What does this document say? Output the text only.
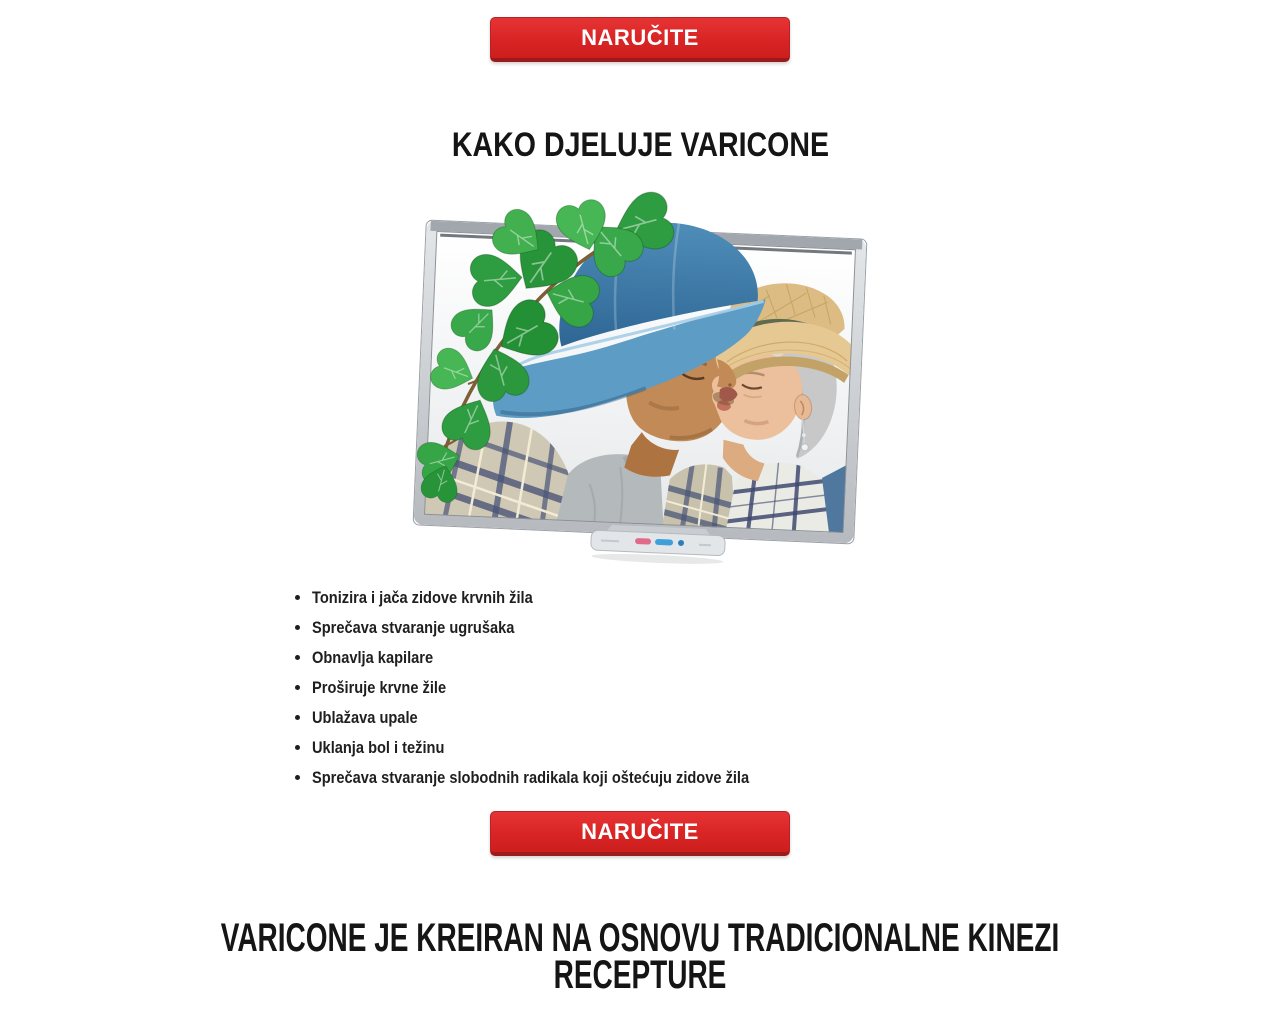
NARUČITE
KAKO DJELUJE VARICONE
• Tonizira i jača zidove krvnih žila
• Sprečava stvaranje ugrušaka
• Obnavlja kapilare
• Proširuje krvne žile
• Ublažava upale
• Uklanja bol i težinu
• Sprečava stvaranje slobodnih radikala koji oštećuju zidove žila
NARUČITE
VARICONE JE KREIRAN NA OSNOVU TRADICIONALNE KINEZI
RECEPTURE
